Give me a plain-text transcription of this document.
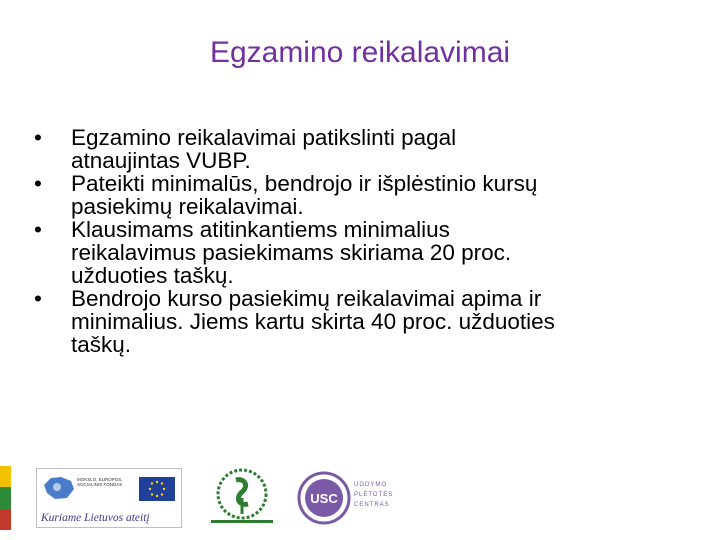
Egzamino reikalavimai
• Egzamino reikalavimai patikslinti pagal
atnaujintas VUBP.
• Pateikti minimalūs, bendrojo ir išplėstinio kursų
pasiekimų reikalavimai.
• Klausimams atitinkantiems minimalius
reikalavimus pasiekimams skiriama 20 proc.
užduoties taškų.
• Bendrojo kurso pasiekimų reikalavimai apima ir
minimalius. Jiems kartu skirta 40 proc. užduoties
taškų.
MOKSLO, EUROPOS, SOCIALINIS FONDAS
Kuriame Lietuvos ateitį
USC
UGDYMO
PLĖTOTĖS
CENTRAS
